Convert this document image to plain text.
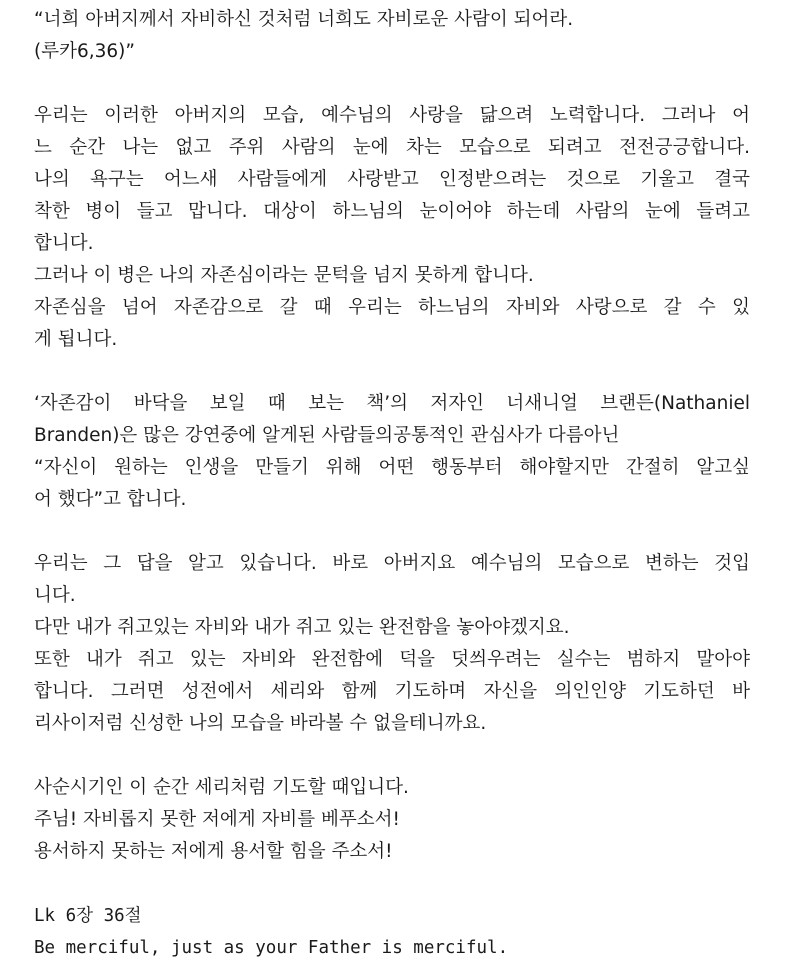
“너희 아버지께서 자비하신 것처럼 너희도 자비로운 사람이 되어라.
(루카6,36)”
우리는 이러한 아버지의 모습, 예수님의 사랑을 닮으려 노력합니다. 그러나 어
느 순간 나는 없고 주위 사람의 눈에 차는 모습으로 되려고 전전긍긍합니다.
나의 욕구는 어느새 사람들에게 사랑받고 인정받으려는 것으로 기울고 결국
착한 병이 들고 맙니다. 대상이 하느님의 눈이어야 하는데 사람의 눈에 들려고
합니다.
그러나 이 병은 나의 자존심이라는 문턱을 넘지 못하게 합니다.
자존심을 넘어 자존감으로 갈 때 우리는 하느님의 자비와 사랑으로 갈 수 있
게 됩니다.
‘자존감이 바닥을 보일 때 보는 책’의 저자인 너새니얼 브랜든(Nathaniel
Branden)은 많은 강연중에 알게된 사람들의공통적인 관심사가 다름아닌
“자신이 원하는 인생을 만들기 위해 어떤 행동부터 해야할지만 간절히 알고싶
어 했다”고 합니다.
우리는 그 답을 알고 있습니다. 바로 아버지요 예수님의 모습으로 변하는 것입
니다.
다만 내가 쥐고있는 자비와 내가 쥐고 있는 완전함을 놓아야겠지요.
또한 내가 쥐고 있는 자비와 완전함에 덕을 덧씌우려는 실수는 범하지 말아야
합니다. 그러면 성전에서 세리와 함께 기도하며 자신을 의인인양 기도하던 바
리사이저럼 신성한 나의 모습을 바라볼 수 없을테니까요.
사순시기인 이 순간 세리처럼 기도할 때입니다.
주님! 자비롭지 못한 저에게 자비를 베푸소서!
용서하지 못하는 저에게 용서할 힘을 주소서!
Lk 6장 36절
Be merciful, just as your Father is merciful.
